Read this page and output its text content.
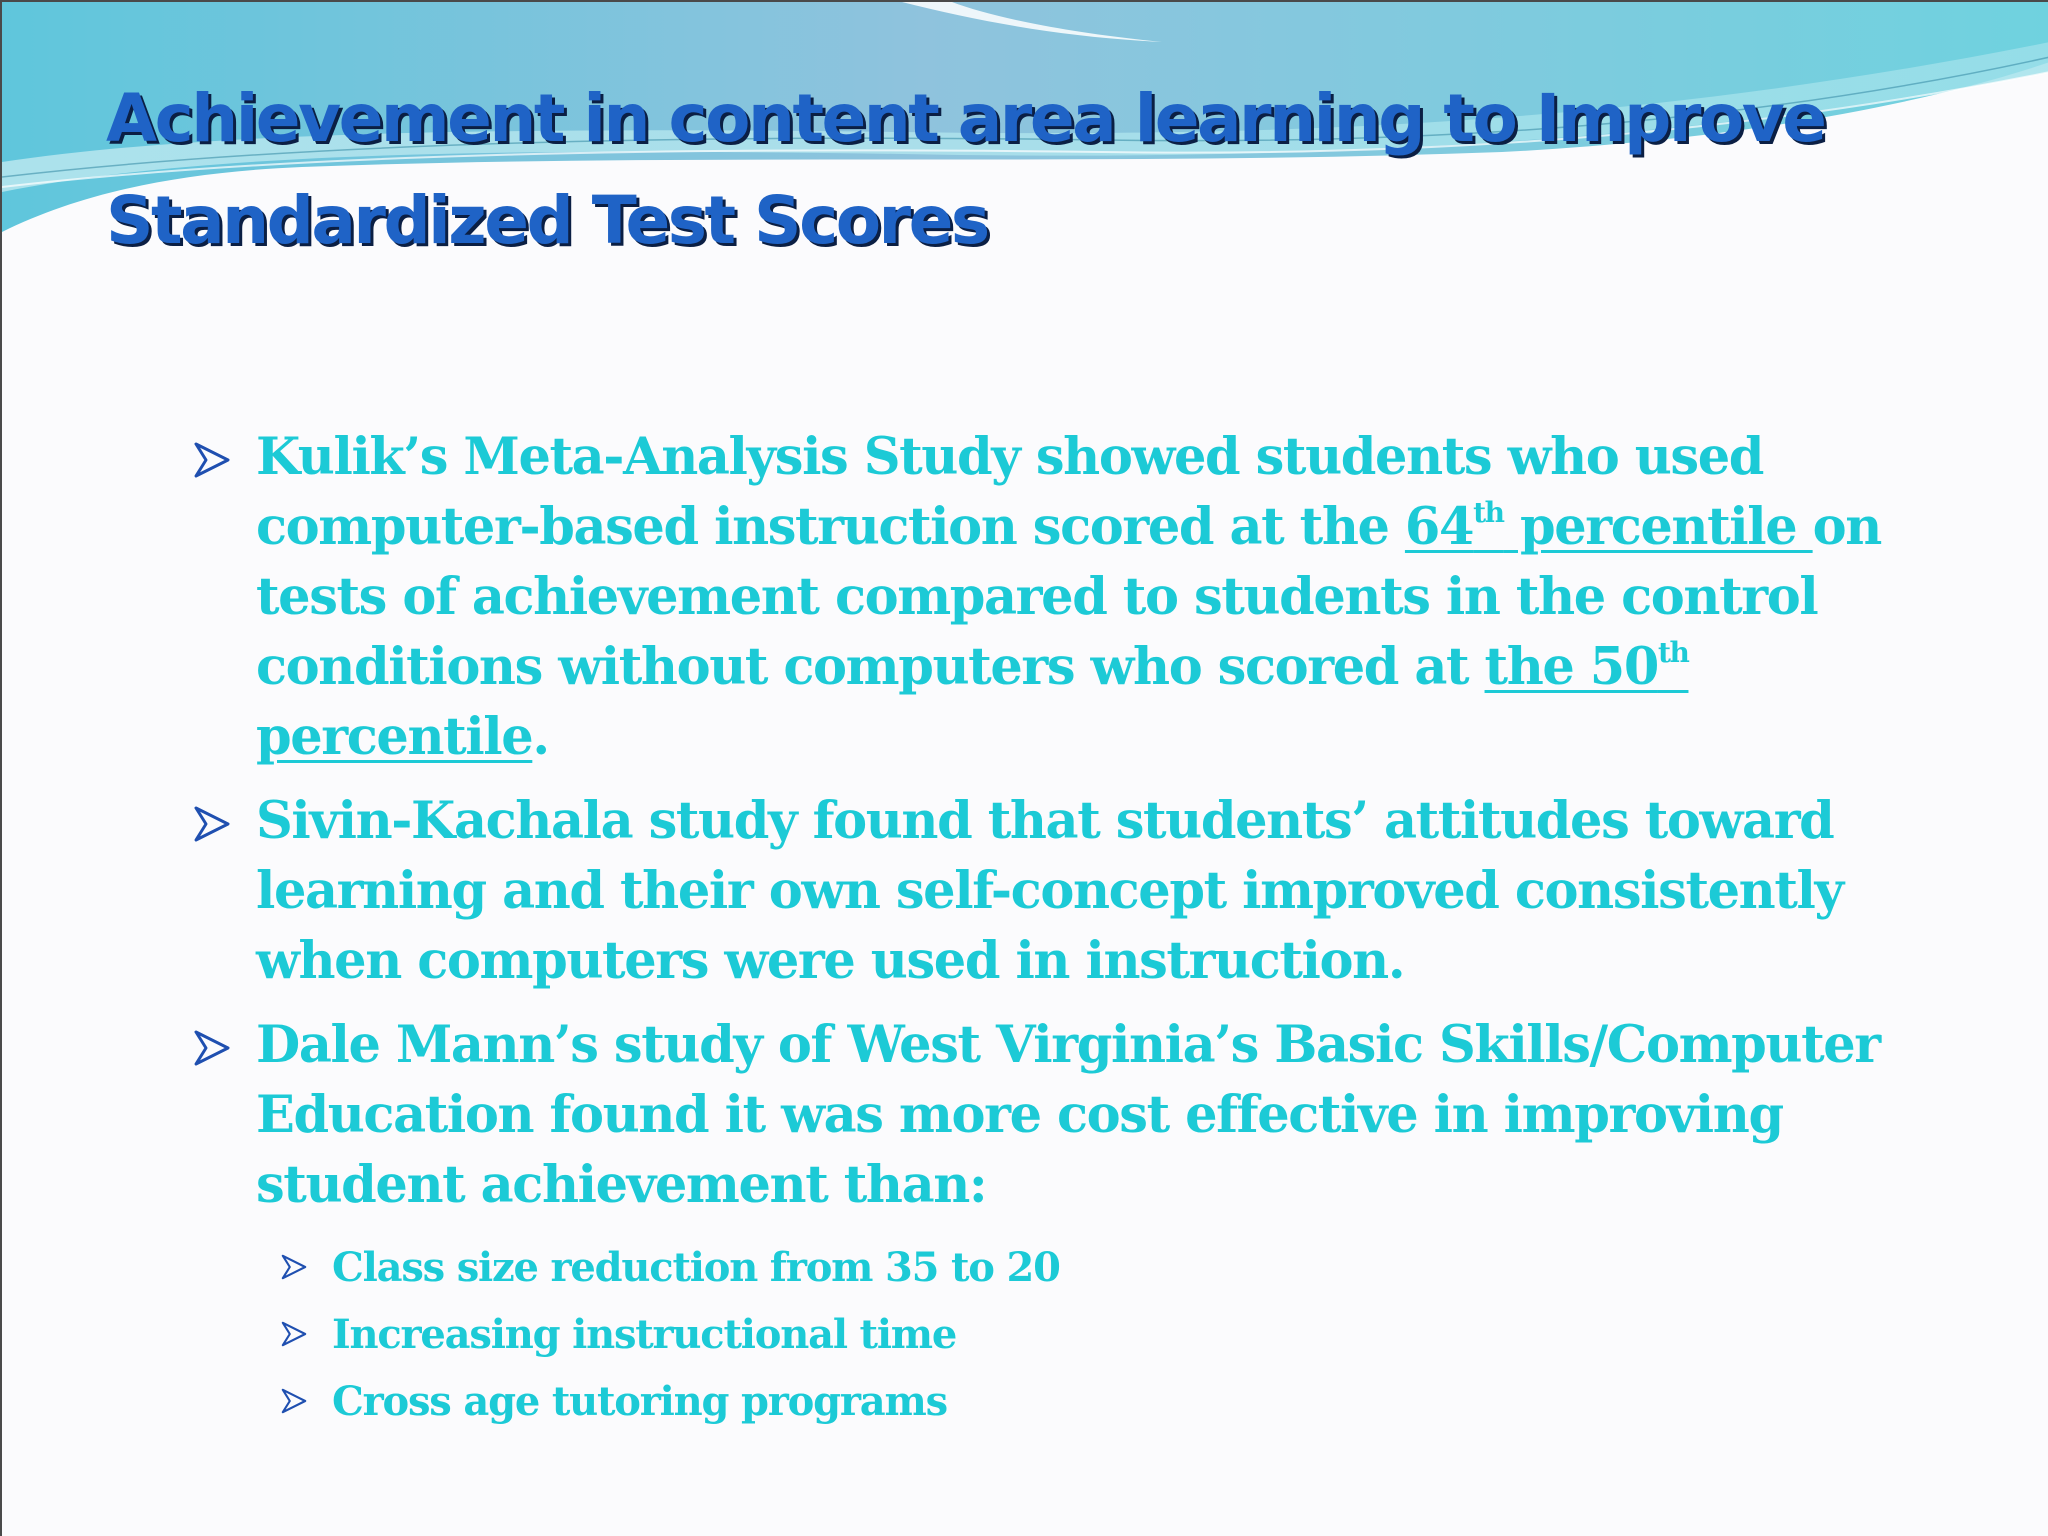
Achievement in content area learning to Improve
Standardized Test Scores
Kulik’s Meta-Analysis Study showed students who used computer-based instruction scored at the 64th percentile on tests of achievement compared to students in the control conditions without computers who scored at the 50th percentile.
Sivin-Kachala study found that students’ attitudes toward learning and their own self-concept improved consistently when computers were used in instruction.
Dale Mann’s study of West Virginia’s Basic Skills/Computer Education found it was more cost effective in improving student achievement than:
Class size reduction from 35 to 20
Increasing instructional time
Cross age tutoring programs
